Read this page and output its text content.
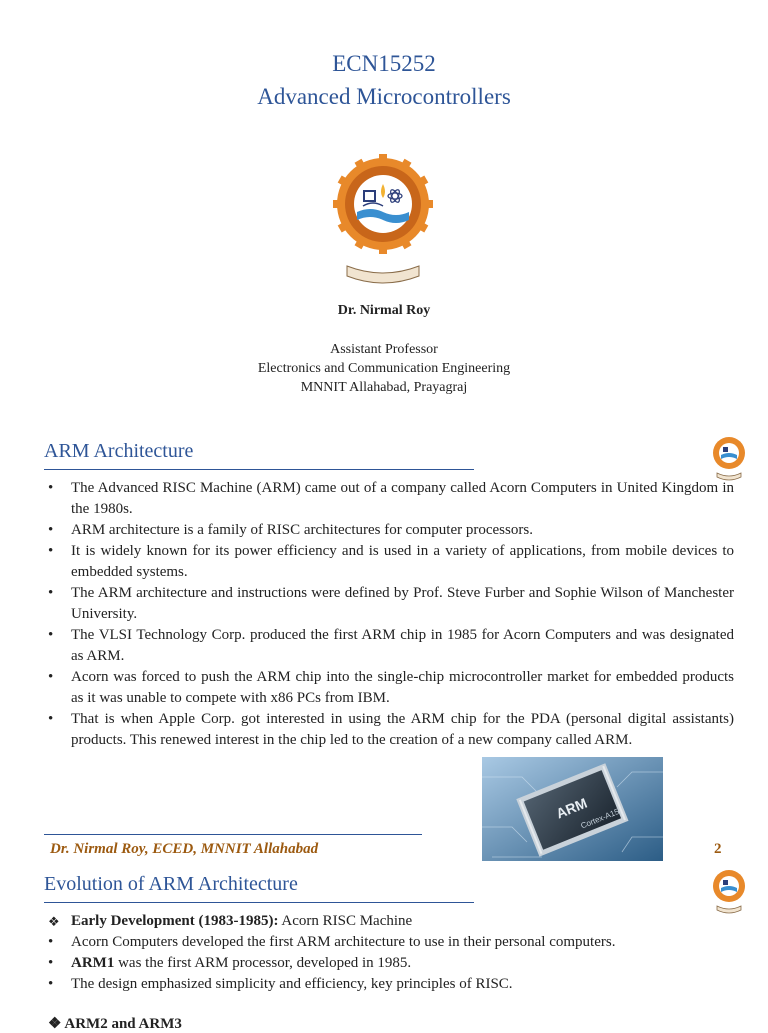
ECN15252
Advanced Microcontrollers
Dr. Nirmal Roy
Assistant Professor
Electronics and Communication Engineering
MNNIT Allahabad, Prayagraj
ARM Architecture
• The Advanced RISC Machine (ARM) came out of a company called Acorn Computers in United Kingdom in the 1980s.
• ARM architecture is a family of RISC architectures for computer processors.
• It is widely known for its power efficiency and is used in a variety of applications, from mobile devices to embedded systems.
• The ARM architecture and instructions were defined by Prof. Steve Furber and Sophie Wilson of Manchester University.
• The VLSI Technology Corp. produced the first ARM chip in 1985 for Acorn Computers and was designated as ARM.
• Acorn was forced to push the ARM chip into the single-chip microcontroller market for embedded products as it was unable to compete with x86 PCs from IBM.
• That is when Apple Corp. got interested in using the ARM chip for the PDA (personal digital assistants) products. This renewed interest in the chip led to the creation of a new company called ARM.
ARM
Cortex-A15
Dr. Nirmal Roy, ECED, MNNIT Allahabad	2
Evolution of ARM Architecture
❖ Early Development (1983-1985): Acorn RISC Machine
• Acorn Computers developed the first ARM architecture to use in their personal computers.
• ARM1 was the first ARM processor, developed in 1985.
• The design emphasized simplicity and efficiency, key principles of RISC.
❖ ARM2 and ARM3
